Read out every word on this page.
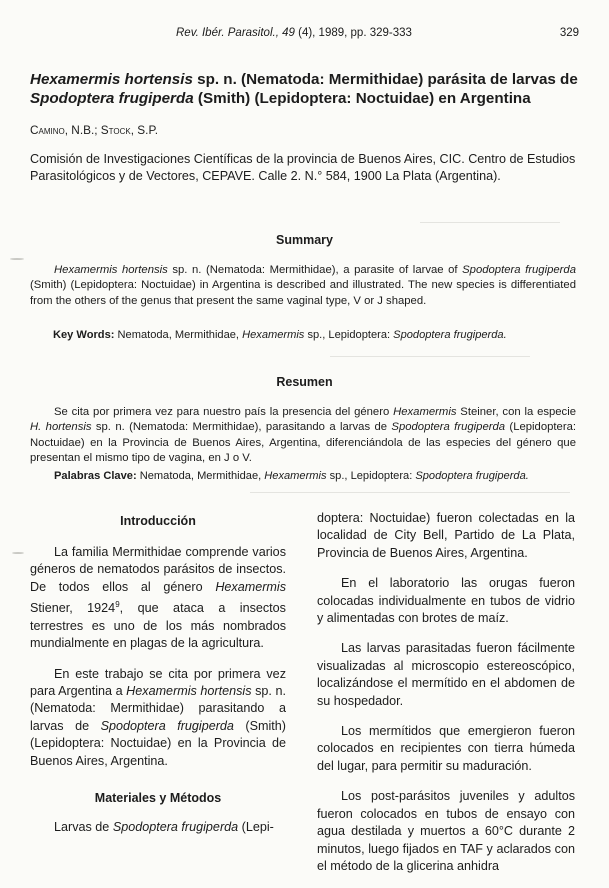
Rev. Ibér. Parasitol., 49 (4), 1989, pp. 329-333	329
Hexamermis hortensis sp. n. (Nematoda: Mermithidae) parásita de larvas de
Spodoptera frugiperda (Smith) (Lepidoptera: Noctuidae) en Argentina
Camino, N.B.; Stock, S.P.
Comisión de Investigaciones Científicas de la provincia de Buenos Aires, CIC. Centro de Estudios Parasitológicos y de Vectores, CEPAVE. Calle 2. N.° 584, 1900 La Plata (Argentina).
Summary
Hexamermis hortensis sp. n. (Nematoda: Mermithidae), a parasite of larvae of Spodoptera frugiperda (Smith) (Lepidoptera: Noctuidae) in Argentina is described and illustrated. The new species is differentiated from the others of the genus that present the same vaginal type, V or J shaped.
Key Words: Nematoda, Mermithidae, Hexamermis sp., Lepidoptera: Spodoptera frugiperda.
Resumen
Se cita por primera vez para nuestro país la presencia del género Hexamermis Steiner, con la especie H. hortensis sp. n. (Nematoda: Mermithidae), parasitando a larvas de Spodoptera frugiperda (Lepidoptera: Noctuidae) en la Provincia de Buenos Aires, Argentina, diferenciándola de las especies del género que presentan el mismo tipo de vagina, en J o V.
Palabras Clave: Nematoda, Mermithidae, Hexamermis sp., Lepidoptera: Spodoptera frugiperda.
Introducción

La familia Mermithidae comprende varios géneros de nematodos parásitos de insectos. De todos ellos al género Hexamermis Stiener, 1924$^9$, que ataca a insectos terrestres es uno de los más nombrados mundialmente en plagas de la agricultura.

En este trabajo se cita por primera vez para Argentina a Hexamermis hortensis sp. n. (Nematoda: Mermithidae) parasitando a larvas de Spodoptera frugiperda (Smith) (Lepidoptera: Noctuidae) en la Provincia de Buenos Aires, Argentina.

Materiales y Métodos

Larvas de Spodoptera frugiperda (Lepi-

doptera: Noctuidae) fueron colectadas en la localidad de City Bell, Partido de La Plata, Provincia de Buenos Aires, Argentina.

En el laboratorio las orugas fueron colocadas individualmente en tubos de vidrio y alimentadas con brotes de maíz.

Las larvas parasitadas fueron fácilmente visualizadas al microscopio estereoscópico, localizándose el mermítido en el abdomen de su hospedador.

Los mermítidos que emergieron fueron colocados en recipientes con tierra húmeda del lugar, para permitir su maduración.

Los post-parásitos juveniles y adultos fueron colocados en tubos de ensayo con agua destilada y muertos a 60°C durante 2 minutos, luego fijados en TAF y aclarados con el método de la glicerina anhidra
